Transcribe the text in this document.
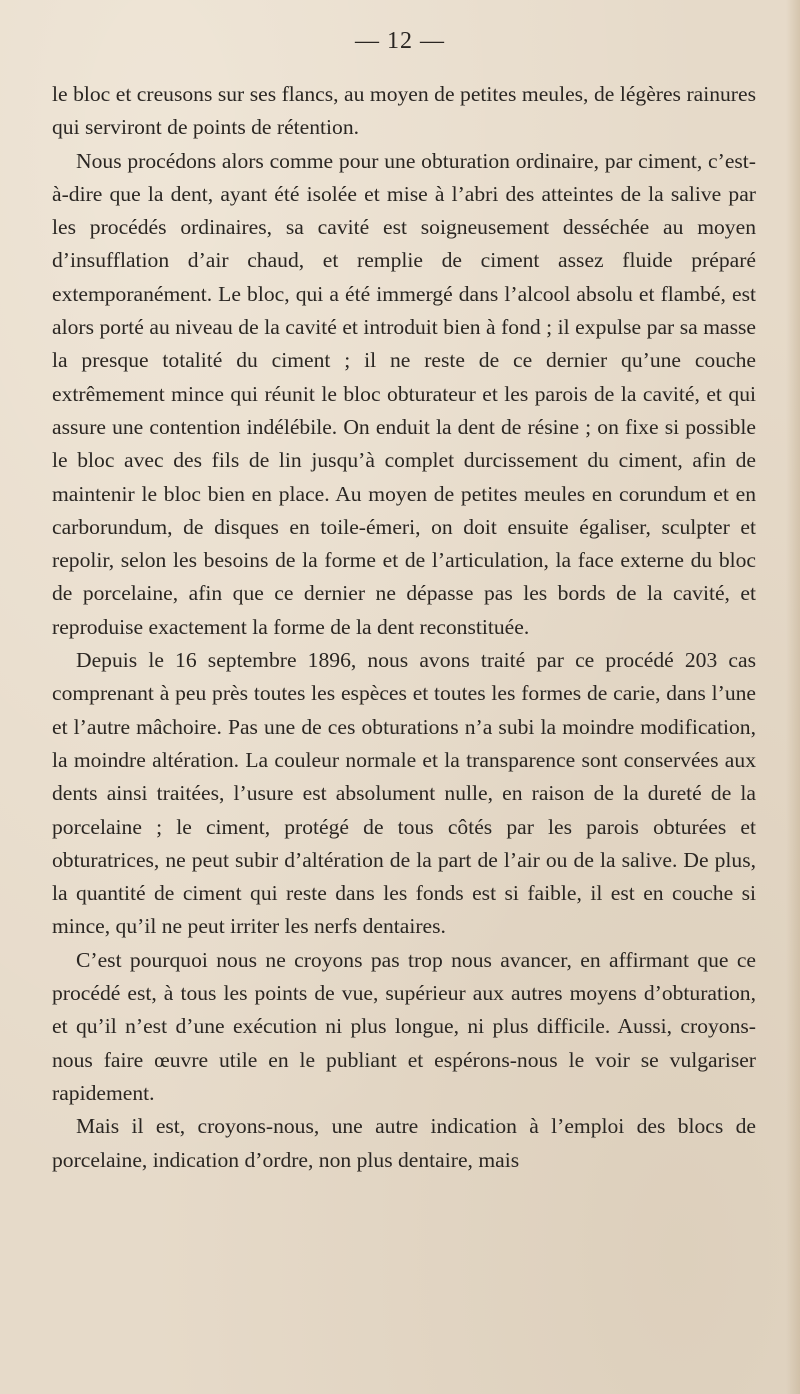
— 12 —

le bloc et creusons sur ses flancs, au moyen de petites meules, de légères rainures qui serviront de points de rétention.

Nous procédons alors comme pour une obturation ordinaire, par ciment, c’est-à-dire que la dent, ayant été isolée et mise à l’abri des atteintes de la salive par les procédés ordinaires, sa cavité est soigneusement desséchée au moyen d’insufflation d’air chaud, et remplie de ciment assez fluide préparé extemporanément. Le bloc, qui a été immergé dans l’alcool absolu et flambé, est alors porté au niveau de la cavité et introduit bien à fond ; il expulse par sa masse la presque totalité du ciment ; il ne reste de ce dernier qu’une couche extrêmement mince qui réunit le bloc obturateur et les parois de la cavité, et qui assure une contention indélébile. On enduit la dent de résine ; on fixe si possible le bloc avec des fils de lin jusqu’à complet durcissement du ciment, afin de maintenir le bloc bien en place. Au moyen de petites meules en corundum et en carborundum, de disques en toile-émeri, on doit ensuite égaliser, sculpter et repolir, selon les besoins de la forme et de l’articulation, la face externe du bloc de porcelaine, afin que ce dernier ne dépasse pas les bords de la cavité, et reproduise exactement la forme de la dent reconstituée.

Depuis le 16 septembre 1896, nous avons traité par ce procédé 203 cas comprenant à peu près toutes les espèces et toutes les formes de carie, dans l’une et l’autre mâchoire. Pas une de ces obturations n’a subi la moindre modification, la moindre altération. La couleur normale et la transparence sont conservées aux dents ainsi traitées, l’usure est absolument nulle, en raison de la dureté de la porcelaine ; le ciment, protégé de tous côtés par les parois obturées et obturatrices, ne peut subir d’altération de la part de l’air ou de la salive. De plus, la quantité de ciment qui reste dans les fonds est si faible, il est en couche si mince, qu’il ne peut irriter les nerfs dentaires.

C’est pourquoi nous ne croyons pas trop nous avancer, en affirmant que ce procédé est, à tous les points de vue, supérieur aux autres moyens d’obturation, et qu’il n’est d’une exécution ni plus longue, ni plus difficile. Aussi, croyons-nous faire œuvre utile en le publiant et espérons-nous le voir se vulgariser rapidement.

Mais il est, croyons-nous, une autre indication à l’emploi des blocs de porcelaine, indication d’ordre, non plus dentaire, mais
